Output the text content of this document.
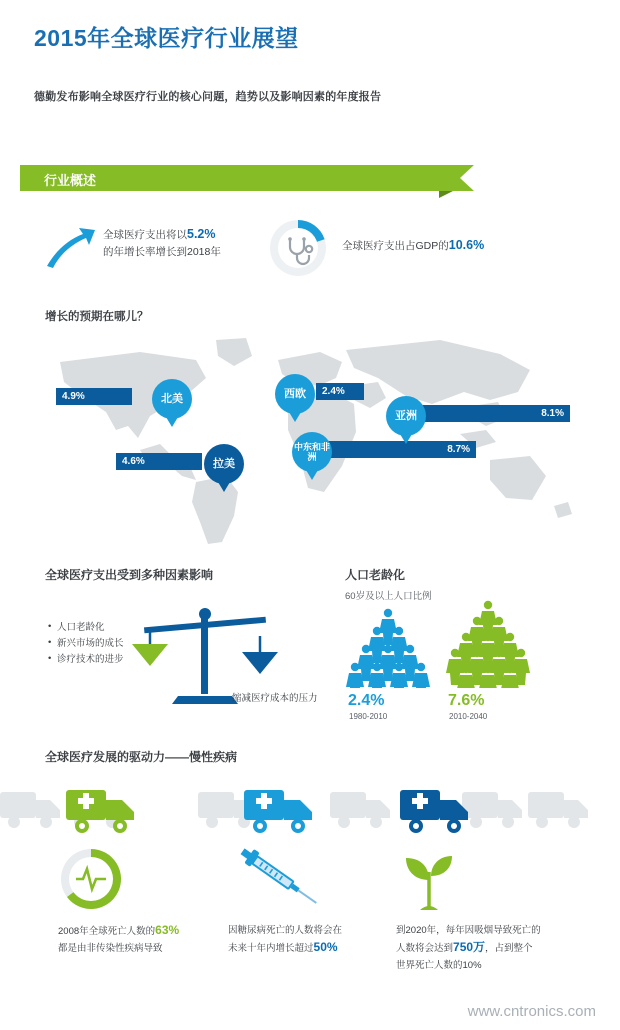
2015年全球医疗行业展望
德勤发布影响全球医疗行业的核心问题，趋势以及影响因素的年度报告
行业概述
全球医疗支出将以5.2%
的年增长率增长到2018年	全球医疗支出占GDP的10.6%
增长的预期在哪儿？
4.9%	北美
4.6%	拉美
西欧 2.4%
亚洲	8.1%
中东和非洲
8.7%
全球医疗支出受到多种因素影响
• 人口老龄化
• 新兴市场的成长
• 诊疗技术的进步
缩减医疗成本的压力
人口老龄化
60岁及以上人口比例
2.4%
1980-2010
7.6%
2010-2040
全球医疗发展的驱动力——慢性疾病
2008年全球死亡人数的63%
都是由非传染性疾病导致
因糖尿病死亡的人数将会在
未来十年内增长超过50%
到2020年，每年因吸烟导致死亡的
人数将会达到750万，占到整个
世界死亡人数的10%
www.cntronics.com
